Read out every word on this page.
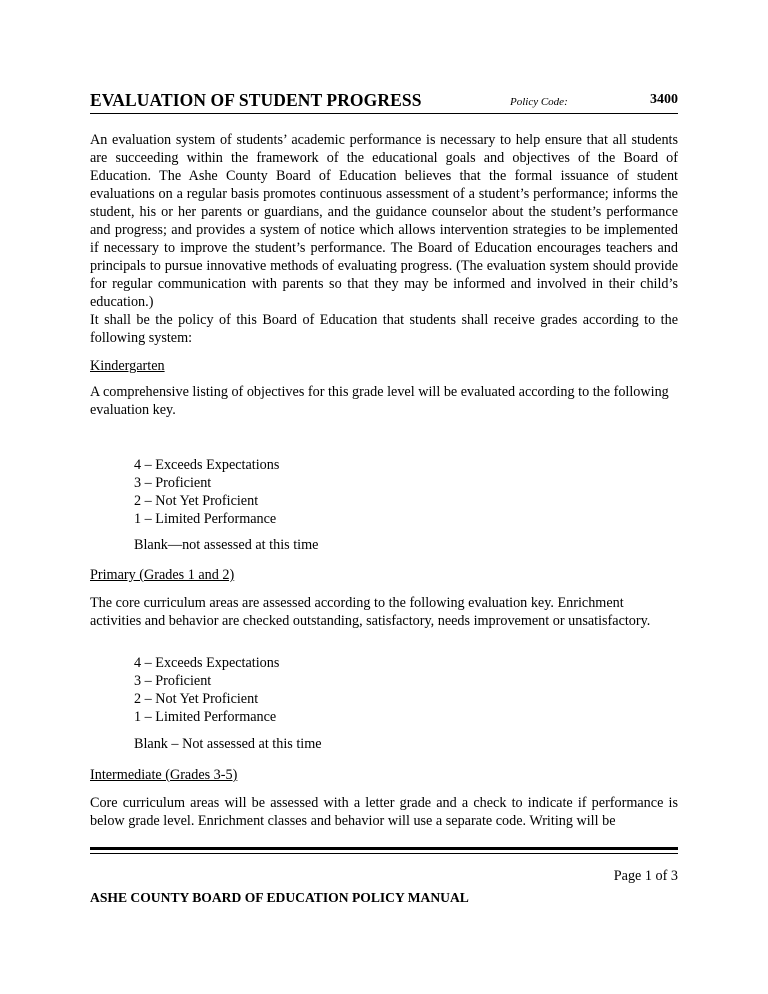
EVALUATION OF STUDENT PROGRESS	Policy Code:	3400
An evaluation system of students’ academic performance is necessary to help ensure that all students are succeeding within the framework of the educational goals and objectives of the Board of Education. The Ashe County Board of Education believes that the formal issuance of student evaluations on a regular basis promotes continuous assessment of a student’s performance; informs the student, his or her parents or guardians, and the guidance counselor about the student’s performance and progress; and provides a system of notice which allows intervention strategies to be implemented if necessary to improve the student’s performance. The Board of Education encourages teachers and principals to pursue innovative methods of evaluating progress. (The evaluation system should provide for regular communication with parents so that they may be informed and involved in their child’s education.)
It shall be the policy of this Board of Education that students shall receive grades according to the following system:
Kindergarten
A comprehensive listing of objectives for this grade level will be evaluated according to the following evaluation key.
4 – Exceeds Expectations
3 – Proficient
2 – Not Yet Proficient
1 – Limited Performance
Blank—not assessed at this time
Primary (Grades 1 and 2)
The core curriculum areas are assessed according to the following evaluation key. Enrichment activities and behavior are checked outstanding, satisfactory, needs improvement or unsatisfactory.
4 – Exceeds Expectations
3 – Proficient
2 – Not Yet Proficient
1 – Limited Performance
Blank – Not assessed at this time
Intermediate (Grades 3-5)
Core curriculum areas will be assessed with a letter grade and a check to indicate if performance is below grade level. Enrichment classes and behavior will use a separate code. Writing will be
Page 1 of 3
ASHE COUNTY BOARD OF EDUCATION POLICY MANUAL
